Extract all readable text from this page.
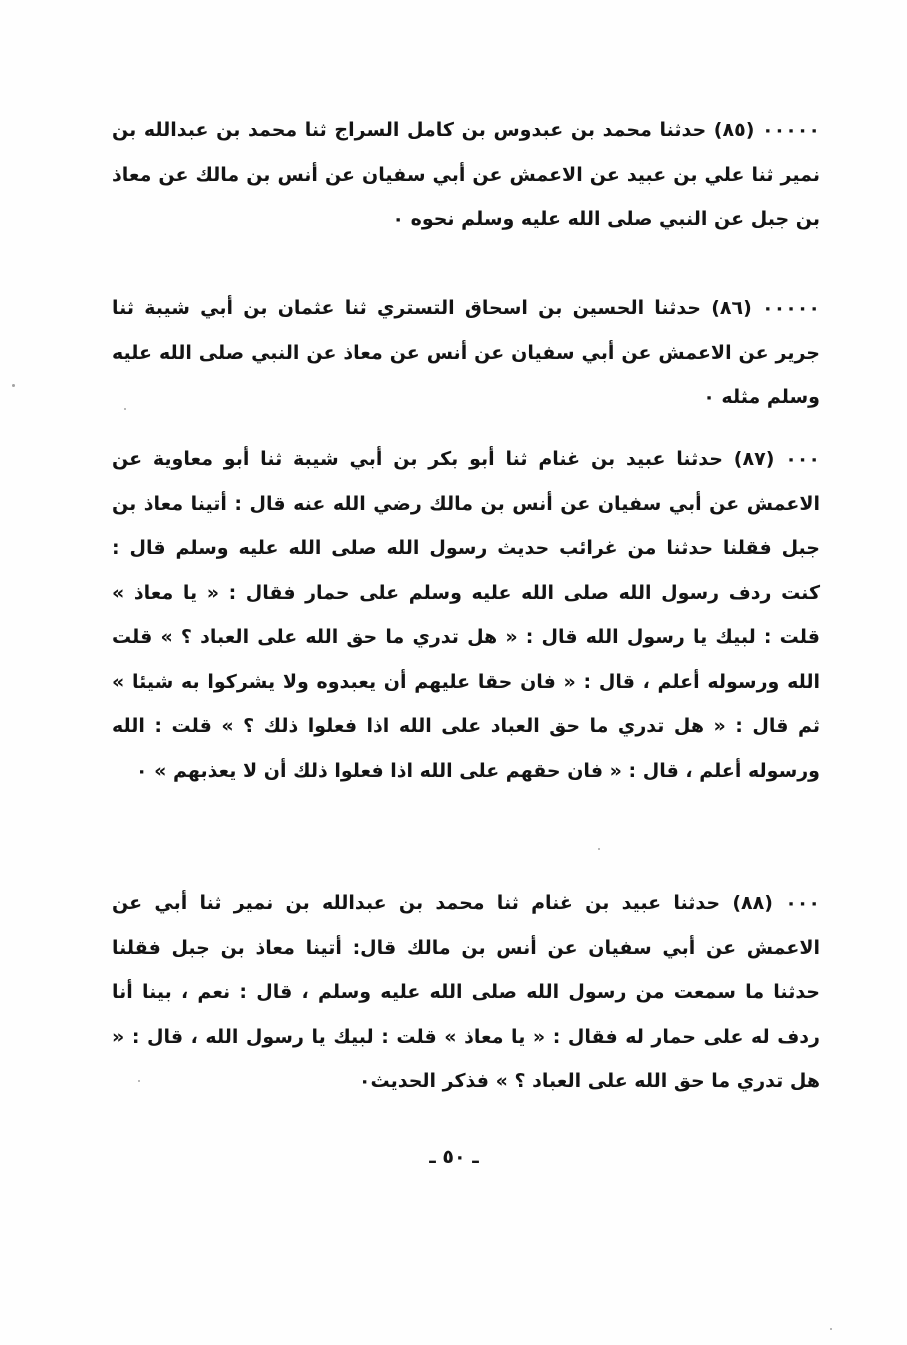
٠٠٠٠٠ (٨٥) حدثنا محمد بن عبدوس بن كامل السراج ثنا محمد بن عبدالله بن نمير ثنا علي بن عبيد عن الاعمش عن أبي سفيان عن أنس بن مالك عن معاذ بن جبل عن النبي صلى الله عليه وسلم نحوه ٠
٠٠٠٠٠ (٨٦) حدثنا الحسين بن اسحاق التستري ثنا عثمان بن أبي شيبة ثنا جرير عن الاعمش عن أبي سفيان عن أنس عن معاذ عن النبي صلى الله عليه وسلم مثله ٠
٠٠٠ (٨٧) حدثنا عبيد بن غنام ثنا أبو بكر بن أبي شيبة ثنا أبو معاوية عن الاعمش عن أبي سفيان عن أنس بن مالك رضي الله عنه قال : أتينا معاذ بن جبل فقلنا حدثنا من غرائب حديث رسول الله صلى الله عليه وسلم قال : كنت ردف رسول الله صلى الله عليه وسلم على حمار فقال : « يا معاذ » قلت : لبيك يا رسول الله قال : « هل تدري ما حق الله على العباد ؟ » قلت الله ورسوله أعلم ، قال : « فان حقا عليهم أن يعبدوه ولا يشركوا به شيئا » ثم قال : « هل تدري ما حق العباد على الله اذا فعلوا ذلك ؟ » قلت : الله ورسوله أعلم ، قال : « فان حقهم على الله اذا فعلوا ذلك أن لا يعذبهم » ٠
٠٠٠ (٨٨) حدثنا عبيد بن غنام ثنا محمد بن عبدالله بن نمير ثنا أبي عن الاعمش عن أبي سفيان عن أنس بن مالك قال: أتينا معاذ بن جبل فقلنا حدثنا ما سمعت من رسول الله صلى الله عليه وسلم ، قال : نعم ، بينا أنا ردف له على حمار له فقال : « يا معاذ » قلت : لبيك يا رسول الله ، قال : « هل تدري ما حق الله على العباد ؟ » فذكر الحديث٠
ـ ٥٠ ـ
